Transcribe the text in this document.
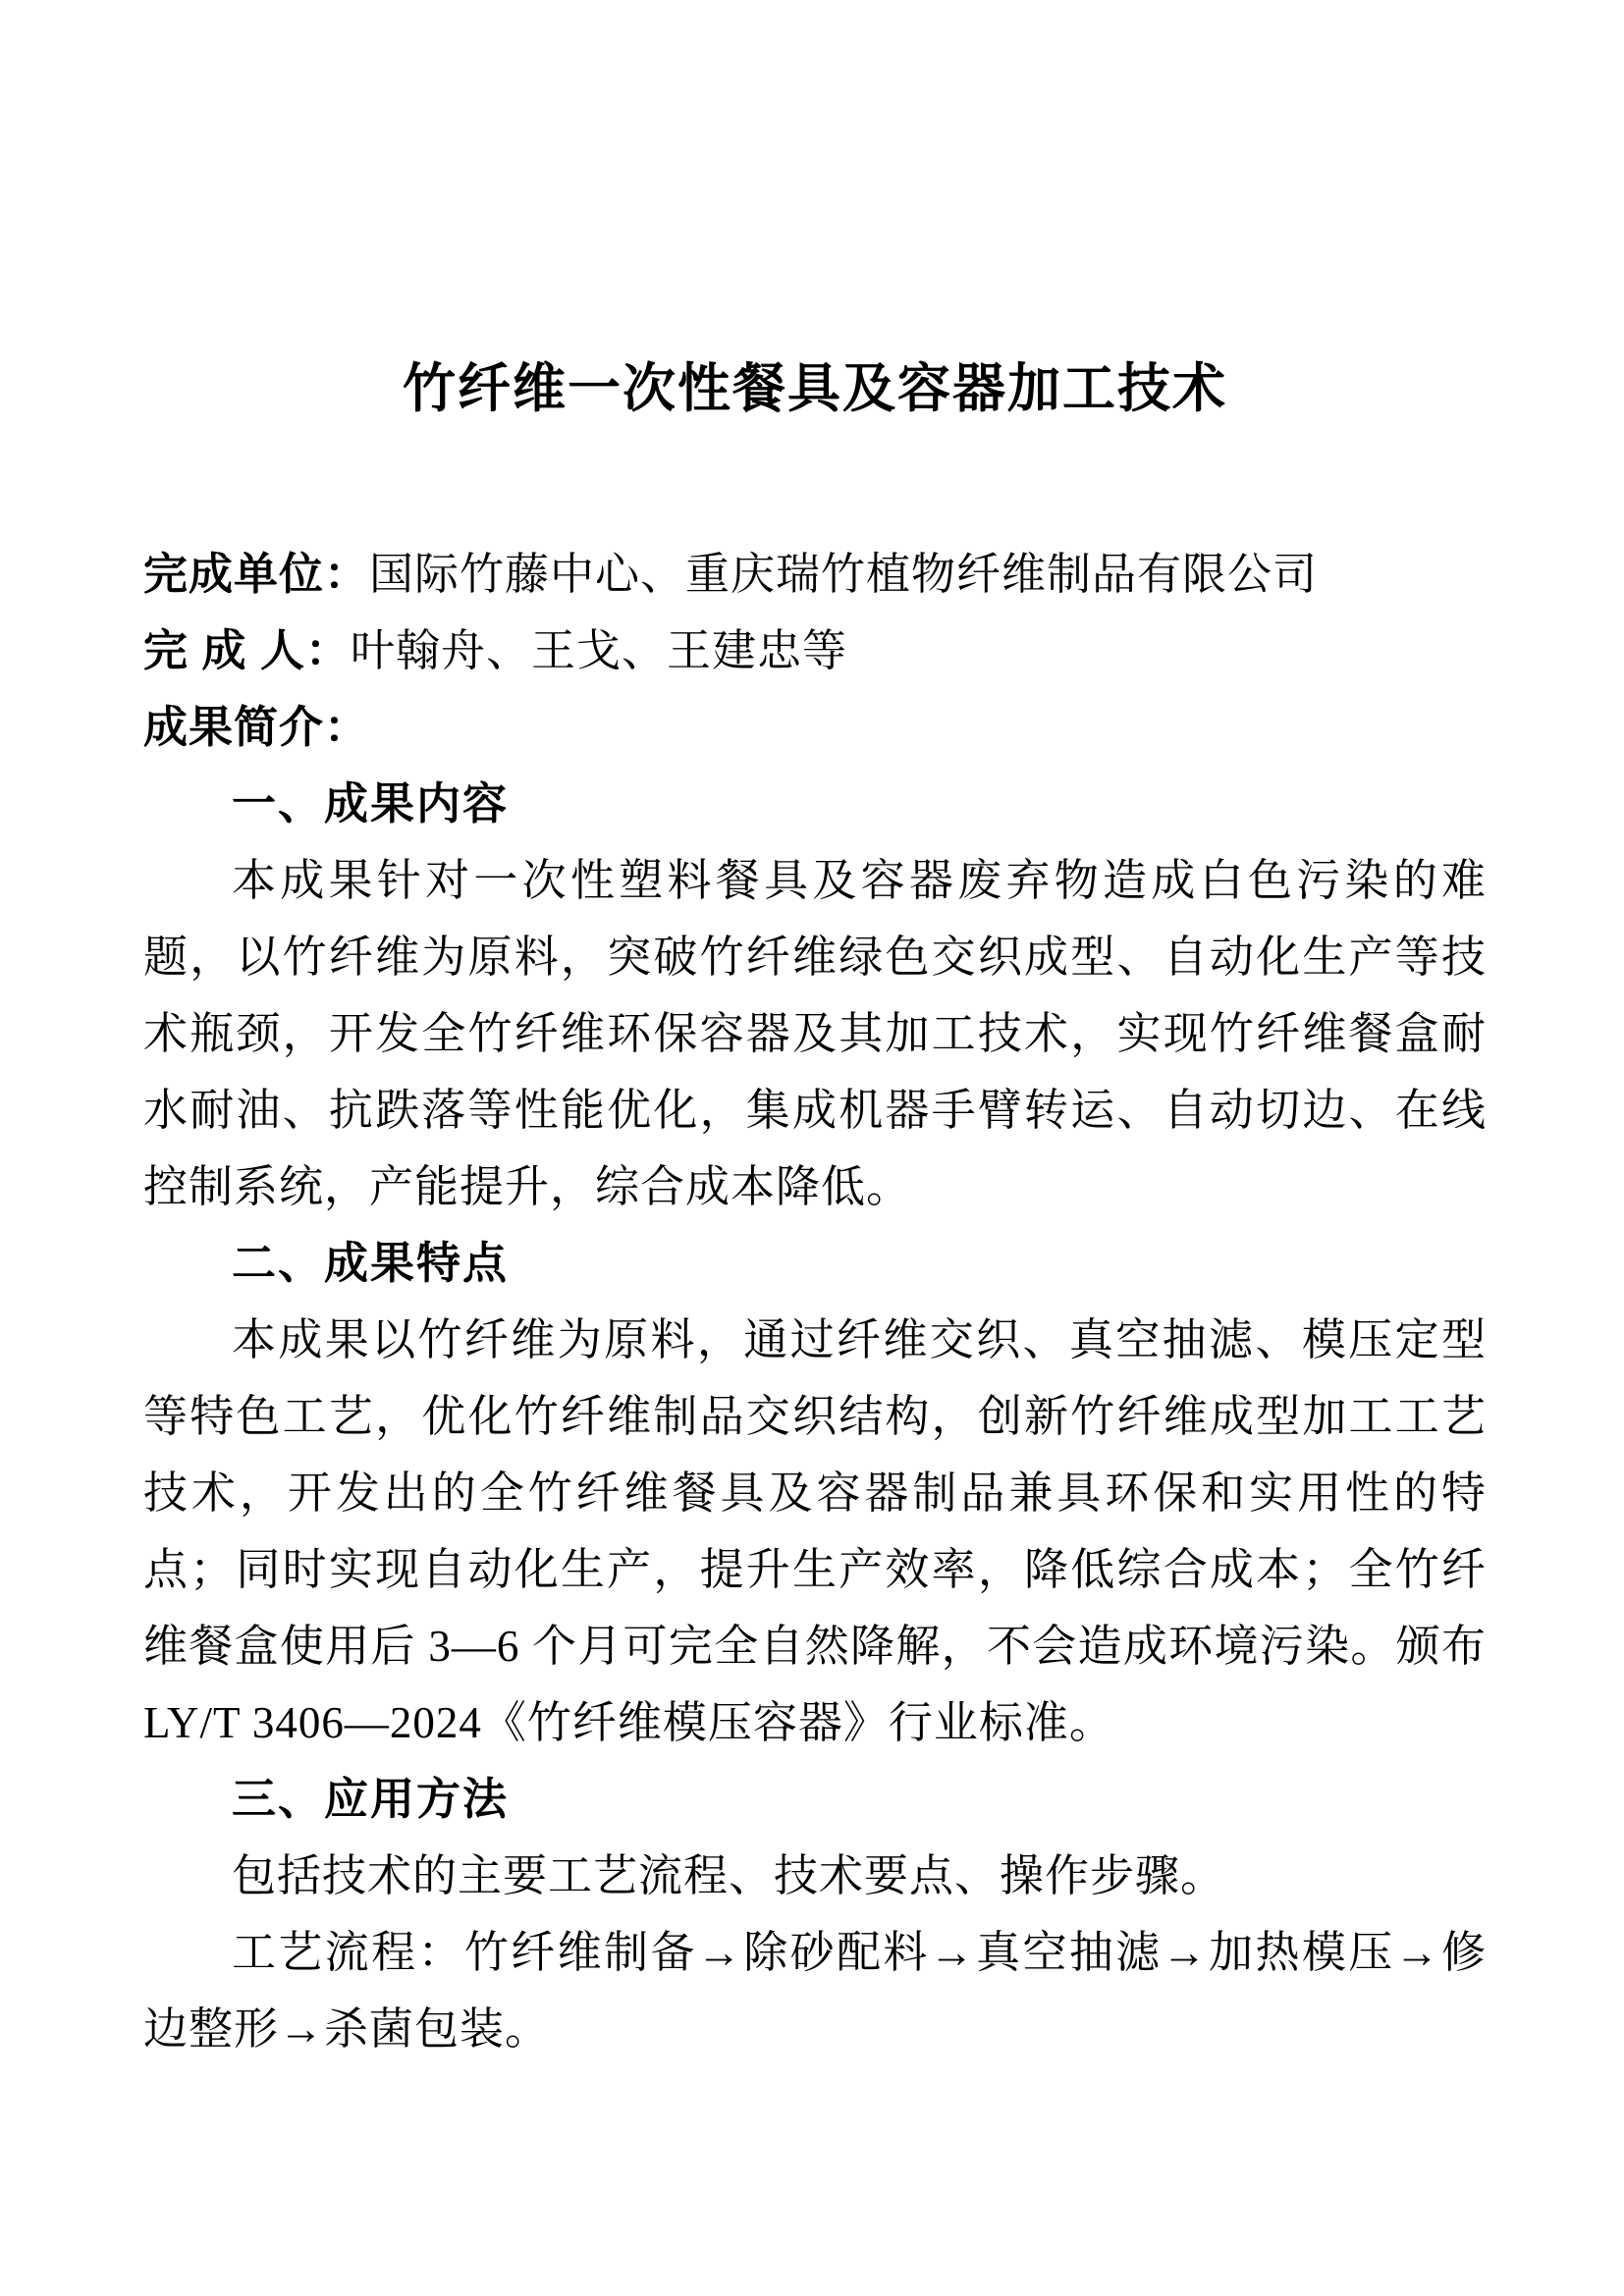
竹纤维一次性餐具及容器加工技术
完成单位：国际竹藤中心、重庆瑞竹植物纤维制品有限公司
完 成 人：叶翰舟、王戈、王建忠等
成果简介：
一、成果内容

本成果针对一次性塑料餐具及容器废弃物造成白色污染的难题，以竹纤维为原料，突破竹纤维绿色交织成型、自动化生产等技术瓶颈，开发全竹纤维环保容器及其加工技术，实现竹纤维餐盒耐水耐油、抗跌落等性能优化，集成机器手臂转运、自动切边、在线控制系统，产能提升，综合成本降低。

二、成果特点

本成果以竹纤维为原料，通过纤维交织、真空抽滤、模压定型等特色工艺，优化竹纤维制品交织结构，创新竹纤维成型加工工艺技术，开发出的全竹纤维餐具及容器制品兼具环保和实用性的特点；同时实现自动化生产，提升生产效率，降低综合成本；全竹纤维餐盒使用后 3—6 个月可完全自然降解，不会造成环境污染。颁布 LY/T 3406—2024《竹纤维模压容器》行业标准。

三、应用方法

包括技术的主要工艺流程、技术要点、操作步骤。

工艺流程：竹纤维制备→除砂配料→真空抽滤→加热模压→修边整形→杀菌包装。
